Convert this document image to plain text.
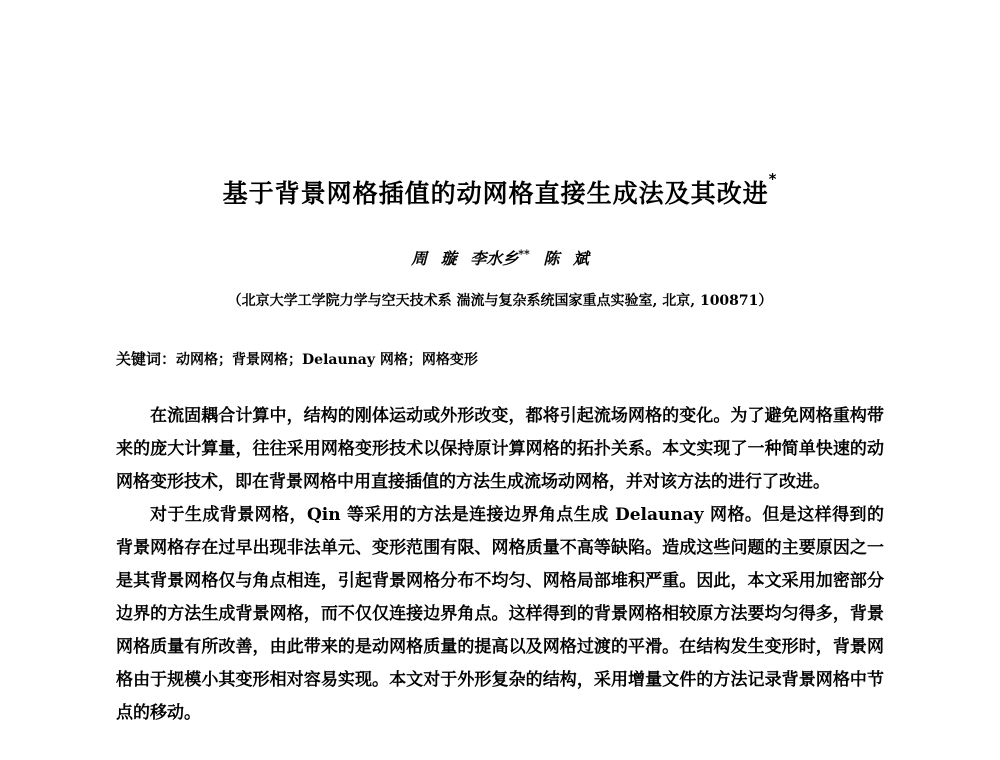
基于背景网格插值的动网格直接生成法及其改进*
周 璇 李水乡** 陈 斌
（北京大学工学院力学与空天技术系 湍流与复杂系统国家重点实验室, 北京, 100871）
关键词：动网格；背景网格；Delaunay 网格；网格变形

在流固耦合计算中，结构的刚体运动或外形改变，都将引起流场网格的变化。为了避免网格重构带来的庞大计算量，往往采用网格变形技术以保持原计算网格的拓扑关系。本文实现了一种简单快速的动网格变形技术，即在背景网格中用直接插值的方法生成流场动网格，并对该方法的进行了改进。

对于生成背景网格，Qin 等采用的方法是连接边界角点生成 Delaunay 网格。但是这样得到的背景网格存在过早出现非法单元、变形范围有限、网格质量不高等缺陷。造成这些问题的主要原因之一是其背景网格仅与角点相连，引起背景网格分布不均匀、网格局部堆积严重。因此，本文采用加密部分边界的方法生成背景网格，而不仅仅连接边界角点。这样得到的背景网格相较原方法要均匀得多，背景网格质量有所改善，由此带来的是动网格质量的提高以及网格过渡的平滑。在结构发生变形时，背景网格由于规模小其变形相对容易实现。本文对于外形复杂的结构，采用增量文件的方法记录背景网格中节点的移动。
